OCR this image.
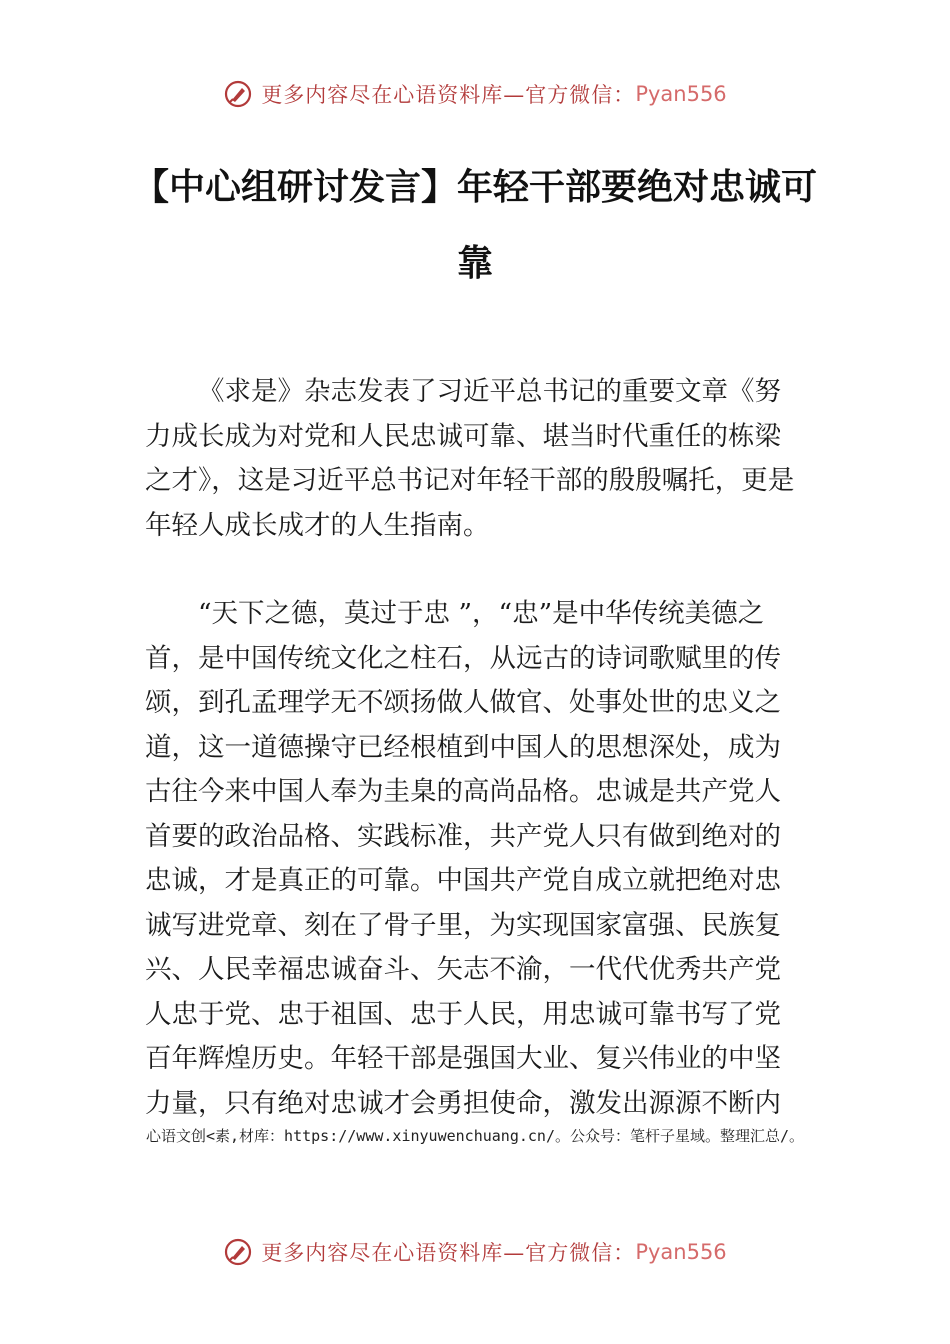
更多内容尽在心语资料库—官方微信： Pyan556
【中心组研讨发言】年轻干部要绝对忠诚可
靠

《求是》杂志发表了习近平总书记的重要文章《努
力成长成为对党和人民忠诚可靠、堪当时代重任的栋梁
之才》，这是习近平总书记对年轻干部的殷殷嘱托，更是
年轻人成长成才的人生指南。

“天下之德，莫过于忠 ”，“忠”是中华传统美德之
首，是中国传统文化之柱石，从远古的诗词歌赋里的传
颂，到孔孟理学无不颂扬做人做官、处事处世的忠义之
道，这一道德操守已经根植到中国人的思想深处，成为
古往今来中国人奉为圭臬的高尚品格。忠诚是共产党人
首要的政治品格、实践标准，共产党人只有做到绝对的
忠诚，才是真正的可靠。中国共产党自成立就把绝对忠
诚写进党章、刻在了骨子里，为实现国家富强、民族复
兴、人民幸福忠诚奋斗、矢志不渝，一代代优秀共产党
人忠于党、忠于祖国、忠于人民，用忠诚可靠书写了党
百年辉煌历史。年轻干部是强国大业、复兴伟业的中坚
力量，只有绝对忠诚才会勇担使命，激发出源源不断内

心语文创<素,材库：https://www.xinyuwenchuang.cn/。公众号：笔杆子星域。整理汇总/。
更多内容尽在心语资料库—官方微信： Pyan556
